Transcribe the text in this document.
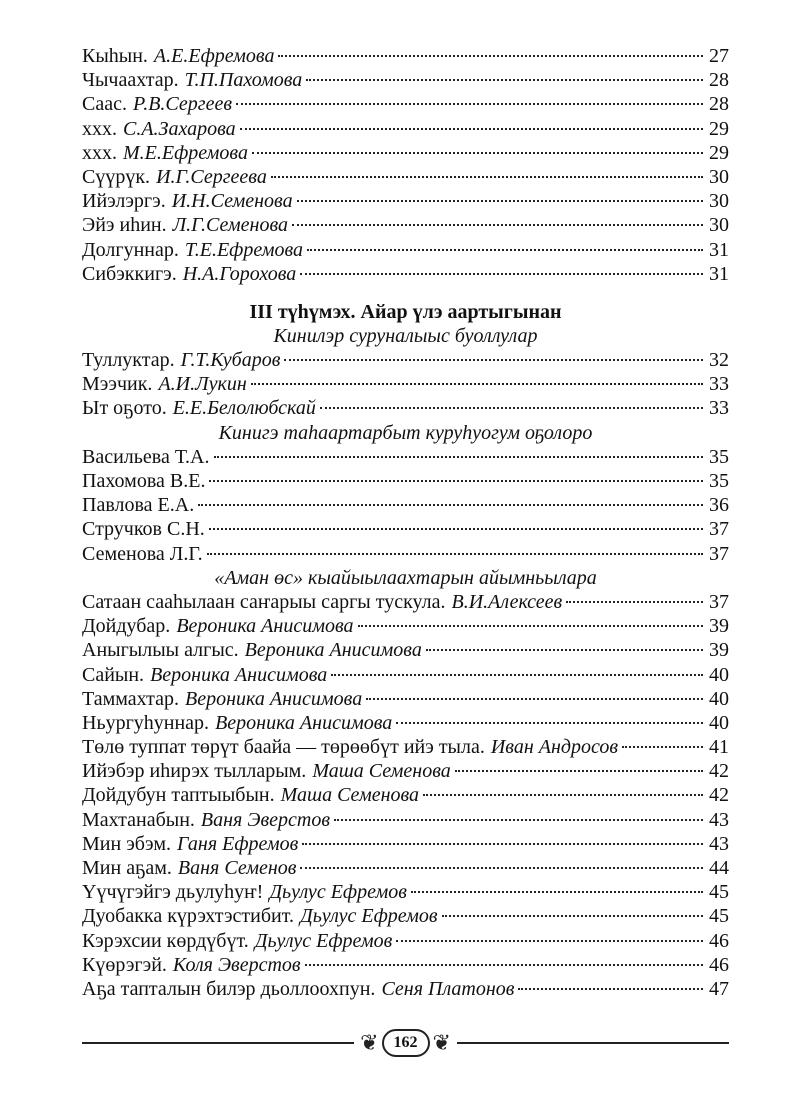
Кыһын. А.Е.Ефремова	27
Чычаахтар. Т.П.Пахомова	28
Саас. Р.В.Сергеев	28
ххх. С.А.Захарова	29
ххх. М.Е.Ефремова	29
Сүүрүк. И.Г.Сергеева	30
Ийэлэргэ. И.Н.Семенова	30
Эйэ иһин. Л.Г.Семенова	30
Долгуннар. Т.Е.Ефремова	31
Сибэккигэ. Н.А.Горохова	31
III түһүмэх. Айар үлэ аартыгынан
Кинилэр суруналыыс буоллулар
Туллуктар. Г.Т.Кубаров	32
Мээчик. А.И.Лукин	33
Ыт оҕото. Е.Е.Белолюбскай	33
Кинигэ таһаартарбыт куруһуогум оҕолоро
Васильева Т.А.	35
Пахомова В.Е.	35
Павлова Е.А.	36
Стручков С.Н.	37
Семенова Л.Г.	37
«Аман өс» кыайыылаахтарын айымньылара
Сатаан сааһылаан саҥарыы саргы тускула. В.И.Алексеев	37
Дойдубар. Вероника Анисимова	39
Аныгылыы алгыс. Вероника Анисимова	39
Сайын. Вероника Анисимова	40
Таммахтар. Вероника Анисимова	40
Ньургуһуннар. Вероника Анисимова	40
Төлө туппат төрүт баайа — төрөөбүт ийэ тыла. Иван Андросов	41
Ийэбэр иһирэх тылларым. Маша Семенова	42
Дойдубун таптыыбын. Маша Семенова	42
Махтанабын. Ваня Эверстов	43
Мин эбэм. Ганя Ефремов	43
Мин аҕам. Ваня Семенов	44
Үүчүгэйгэ дьулуһуҥ! Дьулус Ефремов	45
Дуобакка күрэхтэстибит. Дьулус Ефремов	45
Кэрэхсии көрдүбүт. Дьулус Ефремов	46
Күөрэгэй. Коля Эверстов	46
Аҕа тапталын билэр дьоллоохпун. Сеня Платонов	47
❦ 162 ❦
